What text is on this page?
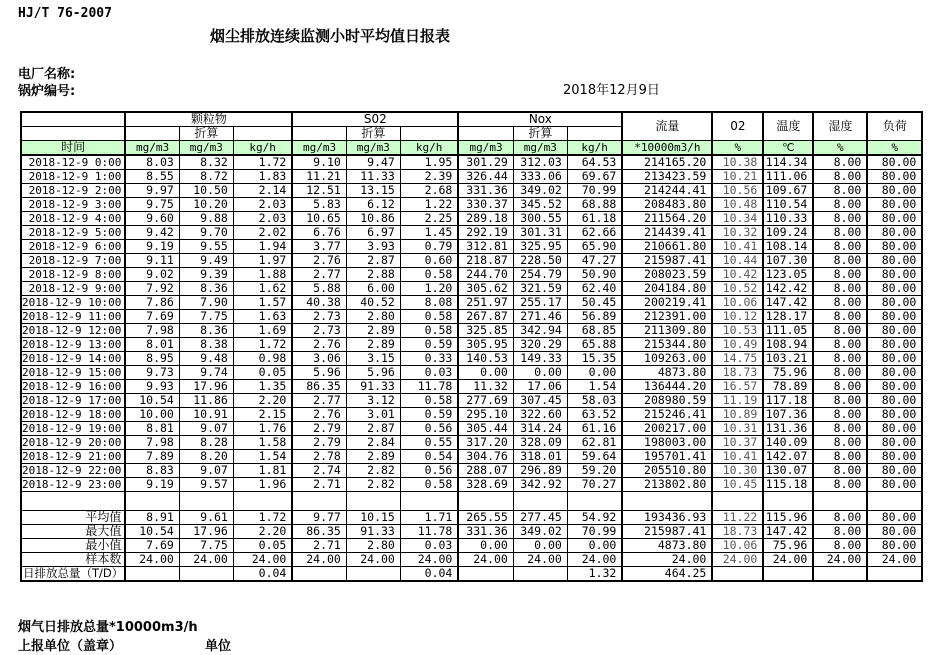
HJ/T 76-2007
烟尘排放连续监测小时平均值日报表
电厂名称:
锅炉编号:	2018年12月9日
	颗粒物			S02			Nox			流量	02	温度	湿度	负荷
		折算			折算			折算						
时间	mg/m3	mg/m3	kg/h	mg/m3	mg/m3	kg/h	mg/m3	mg/m3	kg/h	*10000m3/h	%	℃	%	%
2018-12-9 0:00	8.03	8.32	1.72	9.10	9.47	1.95	301.29	312.03	64.53	214165.20	10.38	114.34	8.00	80.00
2018-12-9 1:00	8.55	8.72	1.83	11.21	11.33	2.39	326.44	333.06	69.67	213423.59	10.21	111.06	8.00	80.00
2018-12-9 2:00	9.97	10.50	2.14	12.51	13.15	2.68	331.36	349.02	70.99	214244.41	10.56	109.67	8.00	80.00
2018-12-9 3:00	9.75	10.20	2.03	5.83	6.12	1.22	330.37	345.52	68.88	208483.80	10.48	110.54	8.00	80.00
2018-12-9 4:00	9.60	9.88	2.03	10.65	10.86	2.25	289.18	300.55	61.18	211564.20	10.34	110.33	8.00	80.00
2018-12-9 5:00	9.42	9.70	2.02	6.76	6.97	1.45	292.19	301.31	62.66	214439.41	10.32	109.24	8.00	80.00
2018-12-9 6:00	9.19	9.55	1.94	3.77	3.93	0.79	312.81	325.95	65.90	210661.80	10.41	108.14	8.00	80.00
2018-12-9 7:00	9.11	9.49	1.97	2.76	2.87	0.60	218.87	228.50	47.27	215987.41	10.44	107.30	8.00	80.00
2018-12-9 8:00	9.02	9.39	1.88	2.77	2.88	0.58	244.70	254.79	50.90	208023.59	10.42	123.05	8.00	80.00
2018-12-9 9:00	7.92	8.36	1.62	5.88	6.00	1.20	305.62	321.59	62.40	204184.80	10.52	142.42	8.00	80.00
2018-12-9 10:00	7.86	7.90	1.57	40.38	40.52	8.08	251.97	255.17	50.45	200219.41	10.06	147.42	8.00	80.00
2018-12-9 11:00	7.69	7.75	1.63	2.73	2.80	0.58	267.87	271.46	56.89	212391.00	10.12	128.17	8.00	80.00
2018-12-9 12:00	7.98	8.36	1.69	2.73	2.89	0.58	325.85	342.94	68.85	211309.80	10.53	111.05	8.00	80.00
2018-12-9 13:00	8.01	8.38	1.72	2.76	2.89	0.59	305.95	320.29	65.88	215344.80	10.49	108.94	8.00	80.00
2018-12-9 14:00	8.95	9.48	0.98	3.06	3.15	0.33	140.53	149.33	15.35	109263.00	14.75	103.21	8.00	80.00
2018-12-9 15:00	9.73	9.74	0.05	5.96	5.96	0.03	0.00	0.00	0.00	4873.80	18.73	75.96	8.00	80.00
2018-12-9 16:00	9.93	17.96	1.35	86.35	91.33	11.78	11.32	17.06	1.54	136444.20	16.57	78.89	8.00	80.00
2018-12-9 17:00	10.54	11.86	2.20	2.77	3.12	0.58	277.69	307.45	58.03	208980.59	11.19	117.18	8.00	80.00
2018-12-9 18:00	10.00	10.91	2.15	2.76	3.01	0.59	295.10	322.60	63.52	215246.41	10.89	107.36	8.00	80.00
2018-12-9 19:00	8.81	9.07	1.76	2.79	2.87	0.56	305.44	314.24	61.16	200217.00	10.31	131.36	8.00	80.00
2018-12-9 20:00	7.98	8.28	1.58	2.79	2.84	0.55	317.20	328.09	62.81	198003.00	10.37	140.09	8.00	80.00
2018-12-9 21:00	7.89	8.20	1.54	2.78	2.89	0.54	304.76	318.01	59.64	195701.41	10.41	142.07	8.00	80.00
2018-12-9 22:00	8.83	9.07	1.81	2.74	2.82	0.56	288.07	296.89	59.20	205510.80	10.30	130.07	8.00	80.00
2018-12-9 23:00	9.19	9.57	1.96	2.71	2.82	0.58	328.69	342.92	70.27	213802.80	10.45	115.18	8.00	80.00

平均值	8.91	9.61	1.72	9.77	10.15	1.71	265.55	277.45	54.92	193436.93	11.22	115.96	8.00	80.00
最大值	10.54	17.96	2.20	86.35	91.33	11.78	331.36	349.02	70.99	215987.41	18.73	147.42	8.00	80.00
最小值	7.69	7.75	0.05	2.71	2.80	0.03	0.00	0.00	0.00	4873.80	10.06	75.96	8.00	80.00
样本数	24.00	24.00	24.00	24.00	24.00	24.00	24.00	24.00	24.00	24.00	24.00	24.00	24.00	24.00
日排放总量（T/D）			0.04			0.04			1.32	464.25				
烟气日排放总量*10000m3/h
上报单位（盖章）	单位
